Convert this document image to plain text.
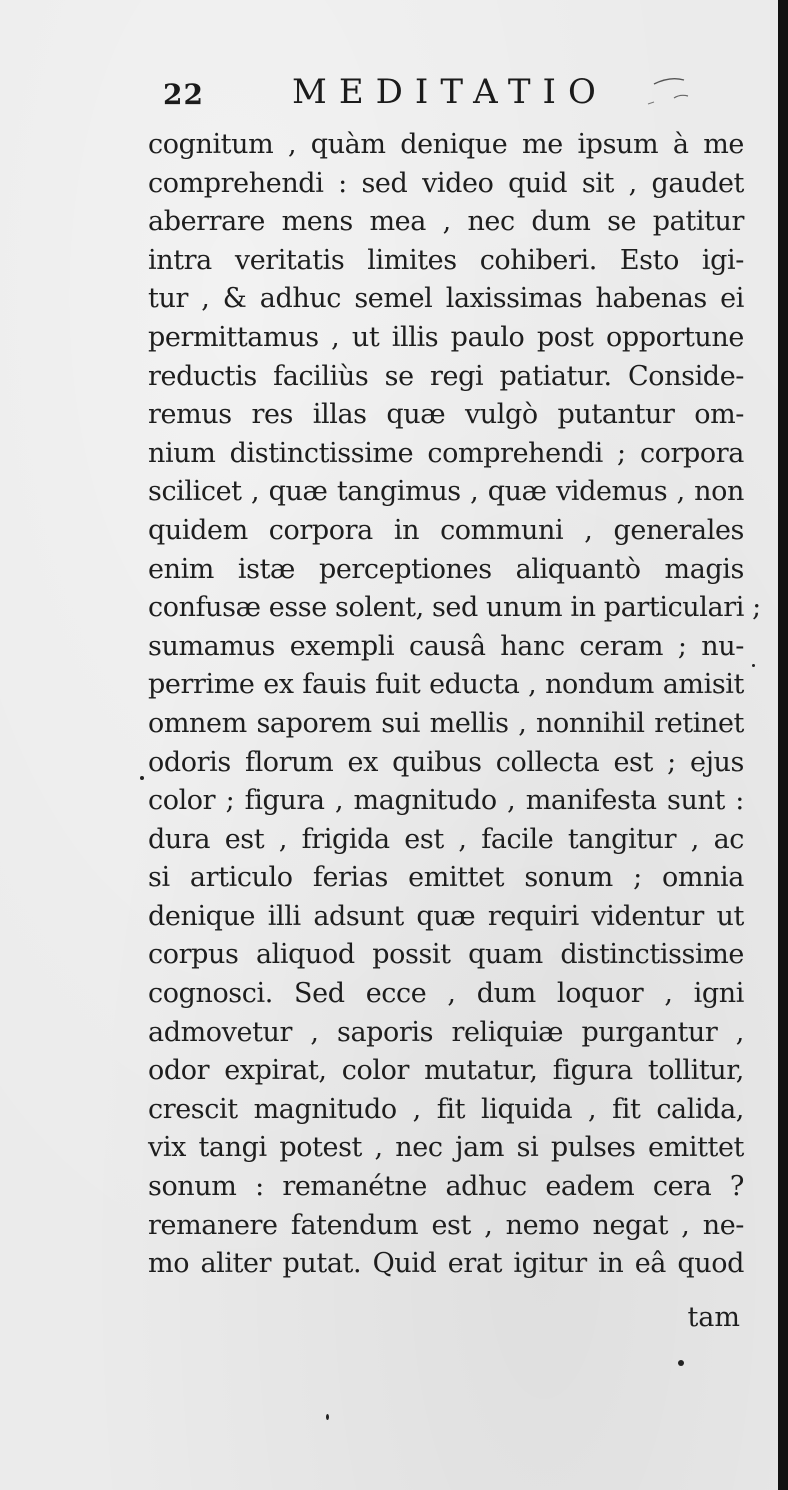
22	MEDITATIO
cognitum , quàm denique me ipsum à me
comprehendi : sed video quid sit , gaudet
aberrare mens mea , nec dum se patitur
intra veritatis limites cohiberi. Esto igi-
tur , & adhuc semel laxissimas habenas ei
permittamus , ut illis paulo post opportune
reductis faciliùs se regi patiatur. Conside-
remus res illas quæ vulgò putantur om-
nium distinctissime comprehendi ; corpora
scilicet , quæ tangimus , quæ videmus , non
quidem corpora in communi , generales
enim istæ perceptiones aliquantò magis
confusæ esse solent, sed unum in particulari ;
sumamus exempli causâ hanc ceram ; nu-
perrime ex fauis fuit educta , nondum amisit
omnem saporem sui mellis , nonnihil retinet
odoris florum ex quibus collecta est ; ejus
color ; figura , magnitudo , manifesta sunt :
dura est , frigida est , facile tangitur , ac
si articulo ferias emittet sonum ; omnia
denique illi adsunt quæ requiri videntur ut
corpus aliquod possit quam distinctissime
cognosci. Sed ecce , dum loquor , igni
admovetur , saporis reliquiæ purgantur ,
odor expirat, color mutatur, figura tollitur,
crescit magnitudo , fit liquida , fit calida,
vix tangi potest , nec jam si pulses emittet
sonum : remanétne adhuc eadem cera ?
remanere fatendum est , nemo negat , ne-
mo aliter putat. Quid erat igitur in eâ quod
tam
